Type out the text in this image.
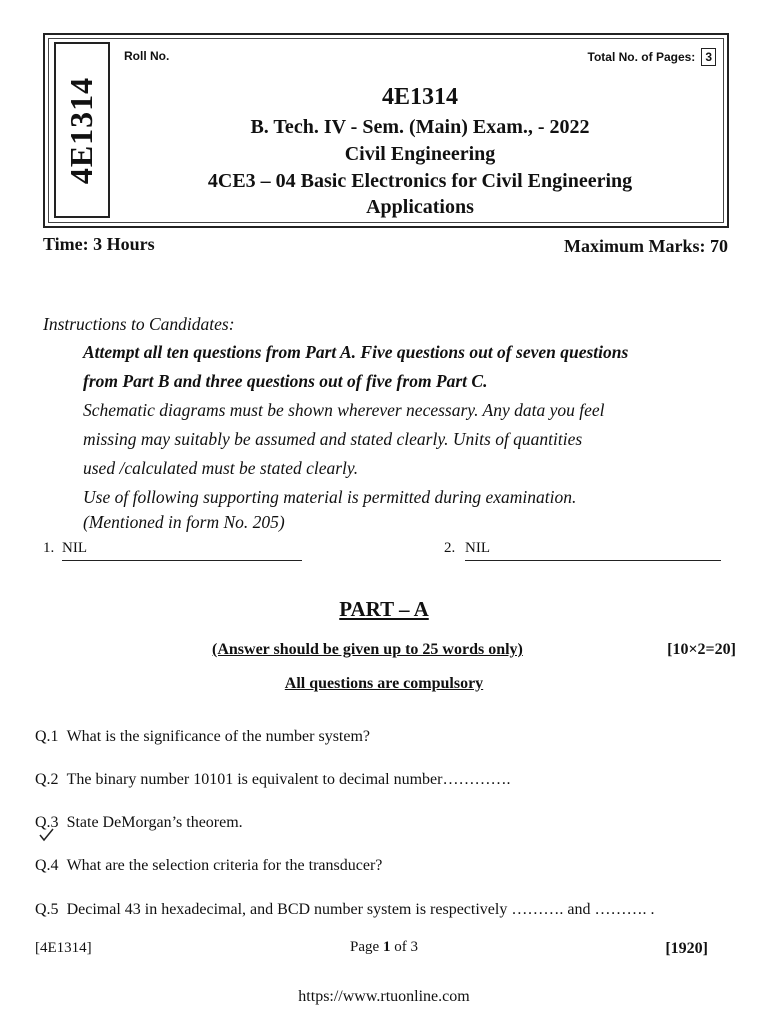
4E1314
Roll No.	Total No. of Pages: 3
4E1314
B. Tech. IV - Sem. (Main) Exam., - 2022
Civil Engineering
4CE3 – 04 Basic Electronics for Civil Engineering
Applications
Time: 3 Hours	Maximum Marks: 70
Instructions to Candidates:
Attempt all ten questions from Part A. Five questions out of seven questions
from Part B and three questions out of five from Part C.
Schematic diagrams must be shown wherever necessary. Any data you feel
missing may suitably be assumed and stated clearly. Units of quantities
used /calculated must be stated clearly.
Use of following supporting material is permitted during examination.
(Mentioned in form No. 205)
1. NIL	2. NIL
PART – A
(Answer should be given up to 25 words only)	[10×2=20]
All questions are compulsory
Q.1 What is the significance of the number system?
Q.2 The binary number 10101 is equivalent to decimal number………….
Q.3 State DeMorgan’s theorem.
Q.4 What are the selection criteria for the transducer?
Q.5 Decimal 43 in hexadecimal, and BCD number system is respectively ………. and ………. .
[4E1314]	Page 1 of 3	[1920]
https://www.rtuonline.com
